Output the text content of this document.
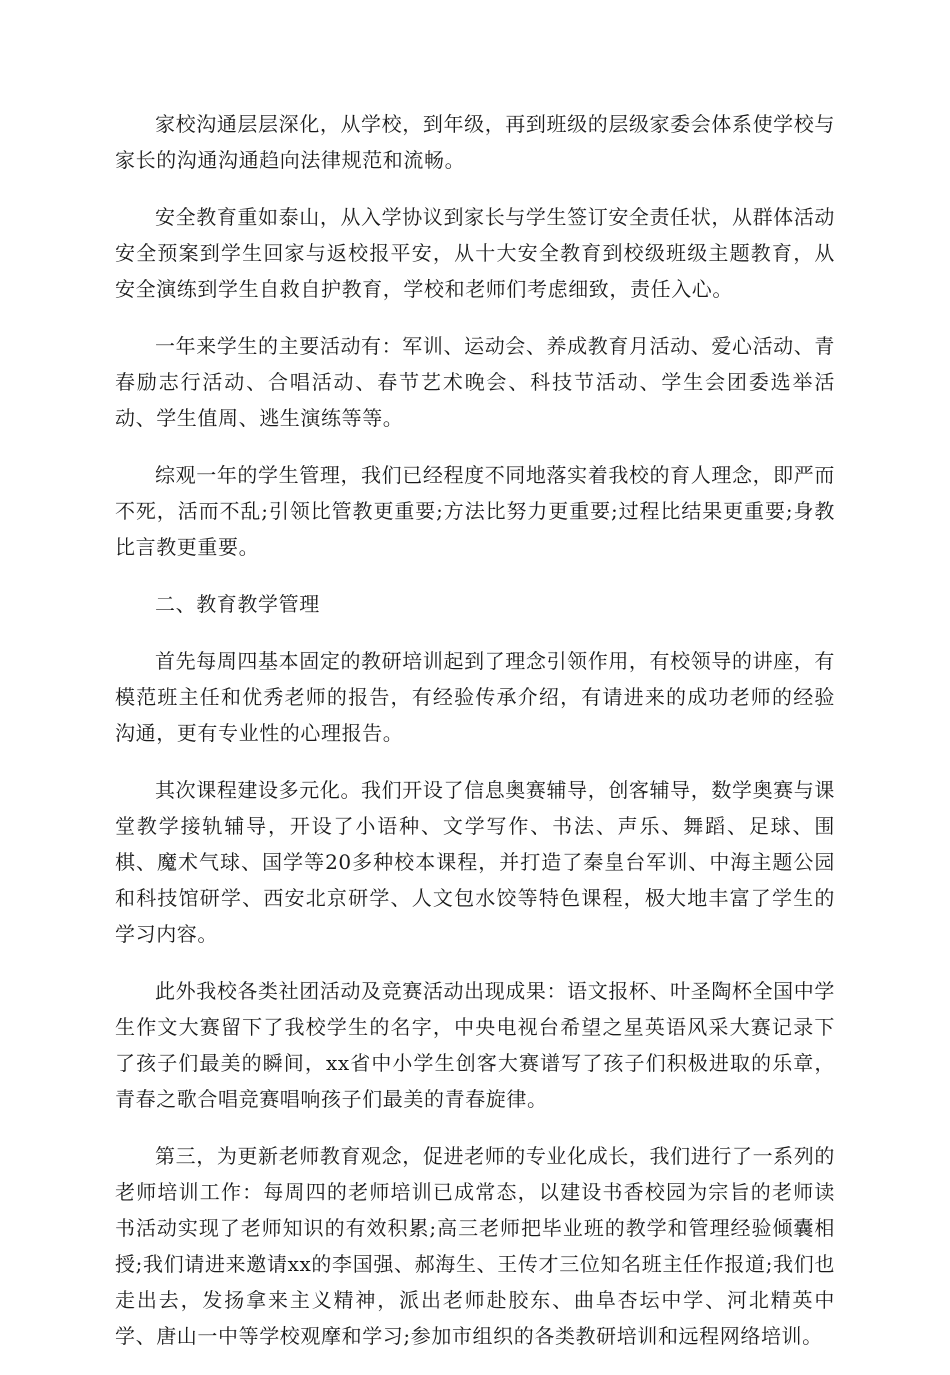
家校沟通层层深化，从学校，到年级，再到班级的层级家委会体系使学校与家长的沟通沟通趋向法律规范和流畅。

安全教育重如泰山，从入学协议到家长与学生签订安全责任状，从群体活动安全预案到学生回家与返校报平安，从十大安全教育到校级班级主题教育，从安全演练到学生自救自护教育，学校和老师们考虑细致，责任入心。

一年来学生的主要活动有：军训、运动会、养成教育月活动、爱心活动、青春励志行活动、合唱活动、春节艺术晚会、科技节活动、学生会团委选举活动、学生值周、逃生演练等等。

综观一年的学生管理，我们已经程度不同地落实着我校的育人理念，即严而不死，活而不乱;引领比管教更重要;方法比努力更重要;过程比结果更重要;身教比言教更重要。

二、教育教学管理

首先每周四基本固定的教研培训起到了理念引领作用，有校领导的讲座，有模范班主任和优秀老师的报告，有经验传承介绍，有请进来的成功老师的经验沟通，更有专业性的心理报告。

其次课程建设多元化。我们开设了信息奥赛辅导，创客辅导，数学奥赛与课堂教学接轨辅导，开设了小语种、文学写作、书法、声乐、舞蹈、足球、围棋、魔术气球、国学等20多种校本课程，并打造了秦皇台军训、中海主题公园和科技馆研学、西安北京研学、人文包水饺等特色课程，极大地丰富了学生的学习内容。

此外我校各类社团活动及竞赛活动出现成果：语文报杯、叶圣陶杯全国中学生作文大赛留下了我校学生的名字，中央电视台希望之星英语风采大赛记录下了孩子们最美的瞬间，xx省中小学生创客大赛谱写了孩子们积极进取的乐章，青春之歌合唱竞赛唱响孩子们最美的青春旋律。

第三，为更新老师教育观念，促进老师的专业化成长，我们进行了一系列的老师培训工作：每周四的老师培训已成常态，以建设书香校园为宗旨的老师读书活动实现了老师知识的有效积累;高三老师把毕业班的教学和管理经验倾囊相授;我们请进来邀请xx的李国强、郝海生、王传才三位知名班主任作报道;我们也走出去，发扬拿来主义精神，派出老师赴胶东、曲阜杏坛中学、河北精英中学、唐山一中等学校观摩和学习;参加市组织的各类教研培训和远程网络培训。
